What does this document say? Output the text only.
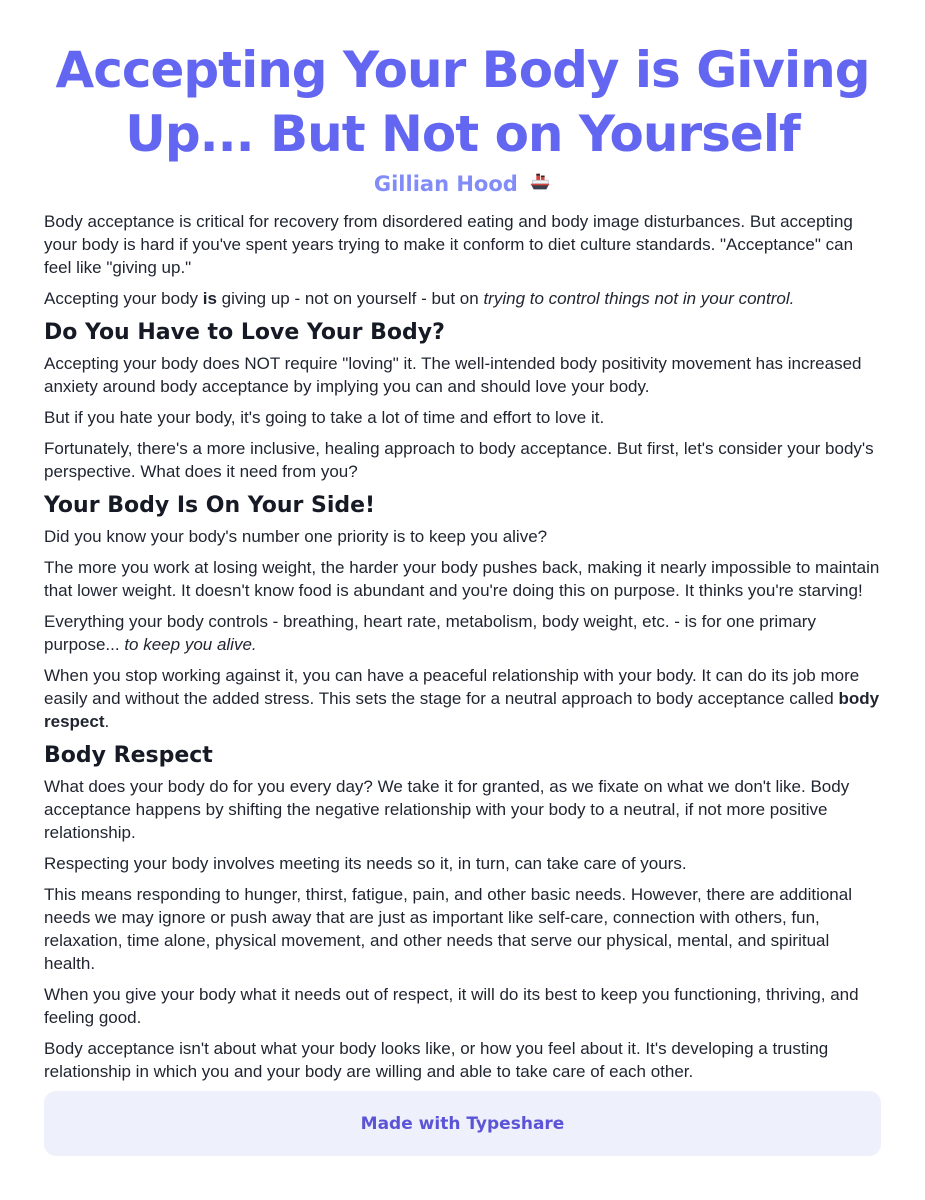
Accepting Your Body is Giving Up... But Not on Yourself
Gillian Hood

Body acceptance is critical for recovery from disordered eating and body image disturbances. But accepting your body is hard if you've spent years trying to make it conform to diet culture standards. "Acceptance" can feel like "giving up."

Accepting your body is giving up - not on yourself - but on trying to control things not in your control.

Do You Have to Love Your Body?

Accepting your body does NOT require "loving" it. The well-intended body positivity movement has increased anxiety around body acceptance by implying you can and should love your body.

But if you hate your body, it's going to take a lot of time and effort to love it.

Fortunately, there's a more inclusive, healing approach to body acceptance. But first, let's consider your body's perspective. What does it need from you?

Your Body Is On Your Side!

Did you know your body's number one priority is to keep you alive?

The more you work at losing weight, the harder your body pushes back, making it nearly impossible to maintain that lower weight. It doesn't know food is abundant and you're doing this on purpose. It thinks you're starving!

Everything your body controls - breathing, heart rate, metabolism, body weight, etc. - is for one primary purpose... to keep you alive.

When you stop working against it, you can have a peaceful relationship with your body. It can do its job more easily and without the added stress. This sets the stage for a neutral approach to body acceptance called body respect.

Body Respect

What does your body do for you every day? We take it for granted, as we fixate on what we don't like. Body acceptance happens by shifting the negative relationship with your body to a neutral, if not more positive relationship.

Respecting your body involves meeting its needs so it, in turn, can take care of yours.

This means responding to hunger, thirst, fatigue, pain, and other basic needs. However, there are additional needs we may ignore or push away that are just as important like self-care, connection with others, fun, relaxation, time alone, physical movement, and other needs that serve our physical, mental, and spiritual health.

When you give your body what it needs out of respect, it will do its best to keep you functioning, thriving, and feeling good.

Body acceptance isn't about what your body looks like, or how you feel about it. It's developing a trusting relationship in which you and your body are willing and able to take care of each other.

Made with Typeshare
